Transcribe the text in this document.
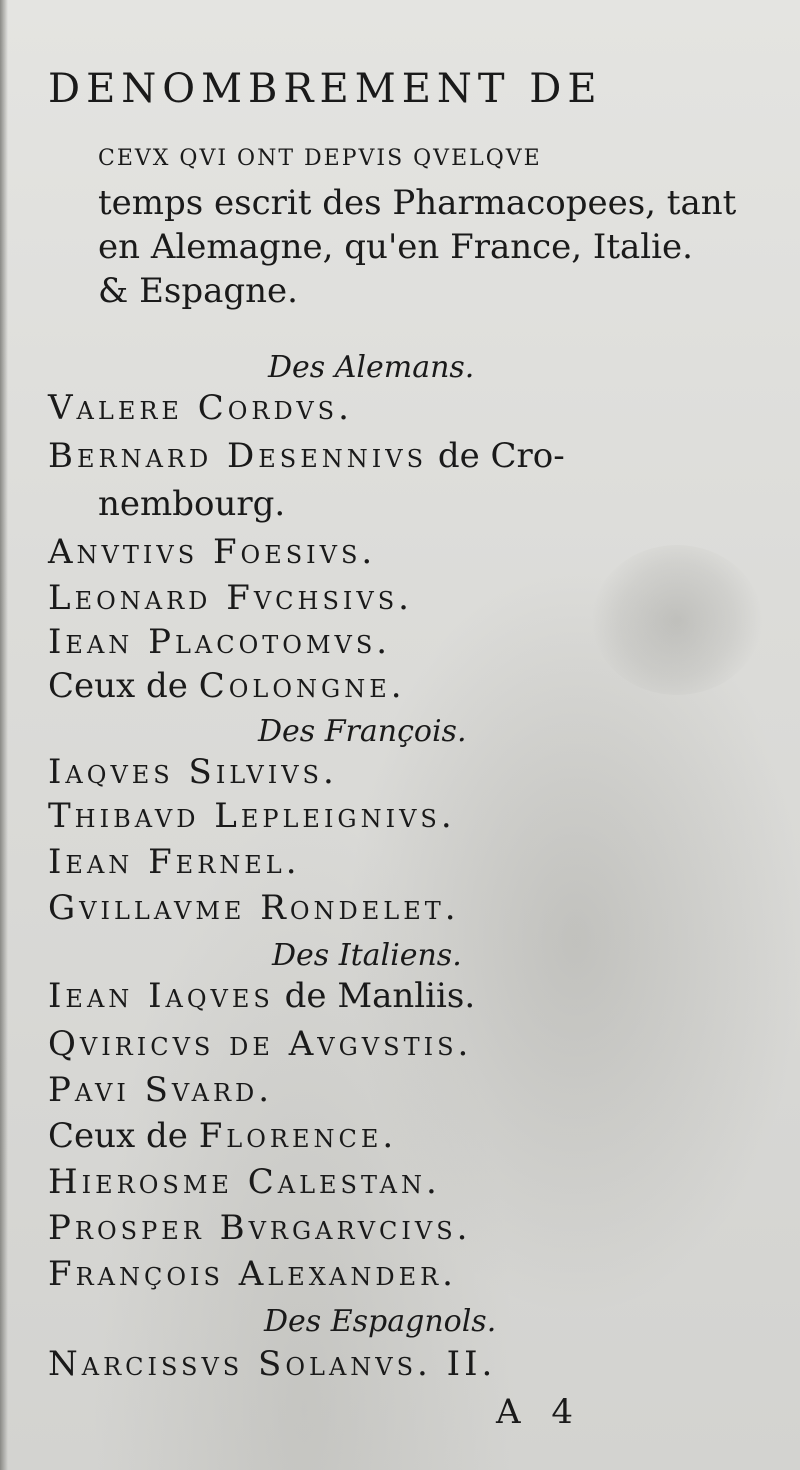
DENOMBREMENT DE

CEVX QVI ONT DEPVIS QVELQVE
temps escrit des Pharmacopees, tant
en Alemagne, qu'en France, Italie.
& Espagne.

Des Alemans.
Valere Cordvs.
Bernard Desennivs de Cro-
nembourg.
Anvtivs Foesivs.
Leonard Fvchsivs.
Iean Placotomvs.
Ceux de Colongne.
Des François.
Iaqves Silvivs.
Thibavd Lepleignivs.
Iean Fernel.
Gvillavme Rondelet.
Des Italiens.
Iean Iaqves de Manliis.
Qviricvs de Avgvstis.
Pavi Svard.
Ceux de Florence.
Hierosme Calestan.
Prosper Bvrgarvcivs.
François Alexander.
Des Espagnols.
Narcissvs Solanvs. II.
A 4
